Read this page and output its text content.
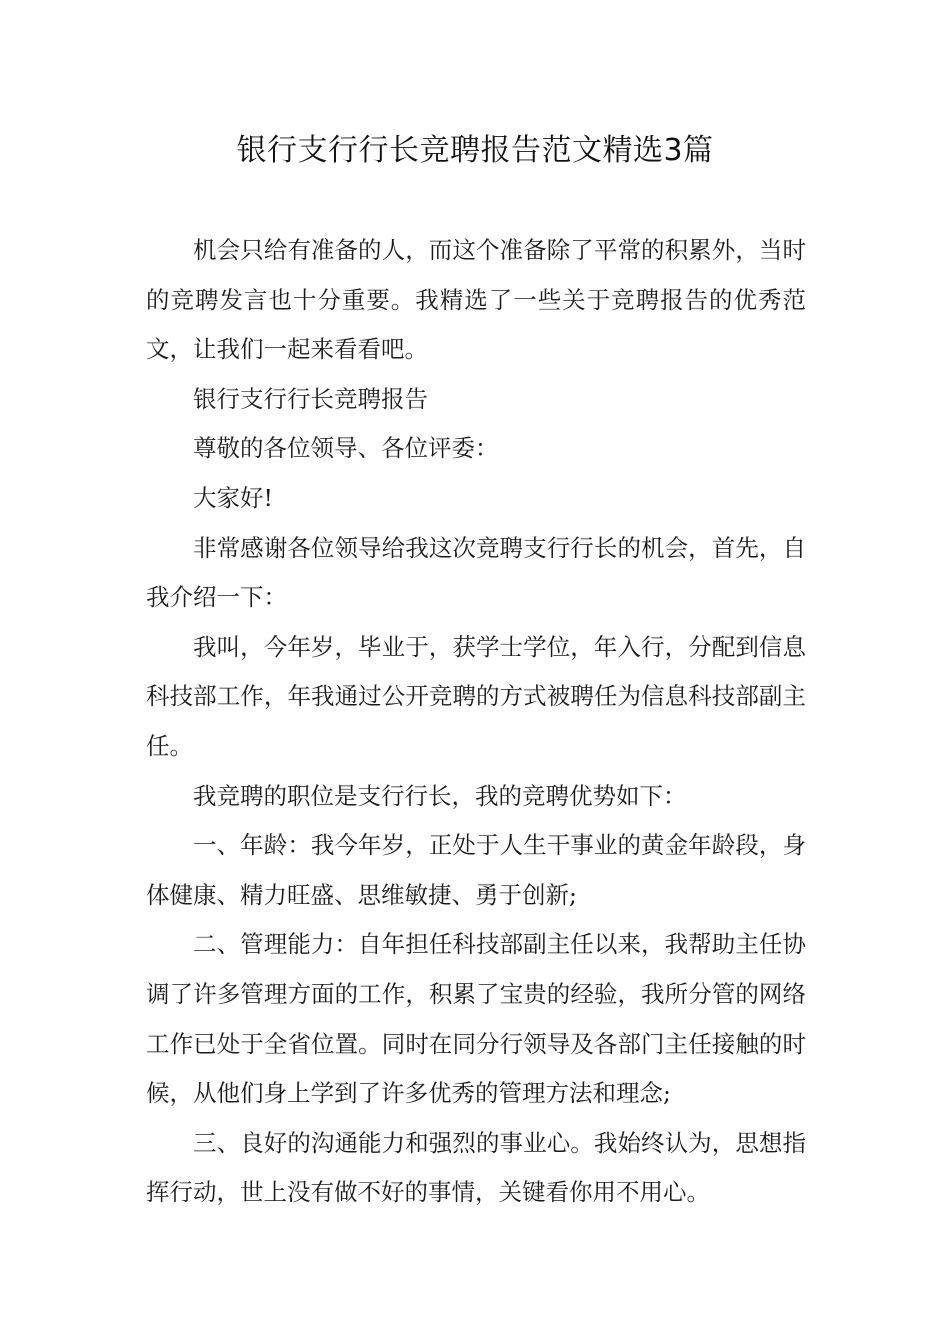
银行支行行长竞聘报告范文精选3篇

机会只给有准备的人，而这个准备除了平常的积累外，当时的竞聘发言也十分重要。我精选了一些关于竞聘报告的优秀范文，让我们一起来看看吧。

银行支行行长竞聘报告

尊敬的各位领导、各位评委：

大家好!

非常感谢各位领导给我这次竞聘支行行长的机会，首先，自我介绍一下：

我叫，今年岁，毕业于，获学士学位，年入行，分配到信息科技部工作，年我通过公开竞聘的方式被聘任为信息科技部副主任。

我竞聘的职位是支行行长，我的竞聘优势如下：

一、年龄：我今年岁，正处于人生干事业的黄金年龄段，身体健康、精力旺盛、思维敏捷、勇于创新;

二、管理能力：自年担任科技部副主任以来，我帮助主任协调了许多管理方面的工作，积累了宝贵的经验，我所分管的网络工作已处于全省位置。同时在同分行领导及各部门主任接触的时候，从他们身上学到了许多优秀的管理方法和理念;

三、良好的沟通能力和强烈的事业心。我始终认为，思想指挥行动，世上没有做不好的事情，关键看你用不用心。
